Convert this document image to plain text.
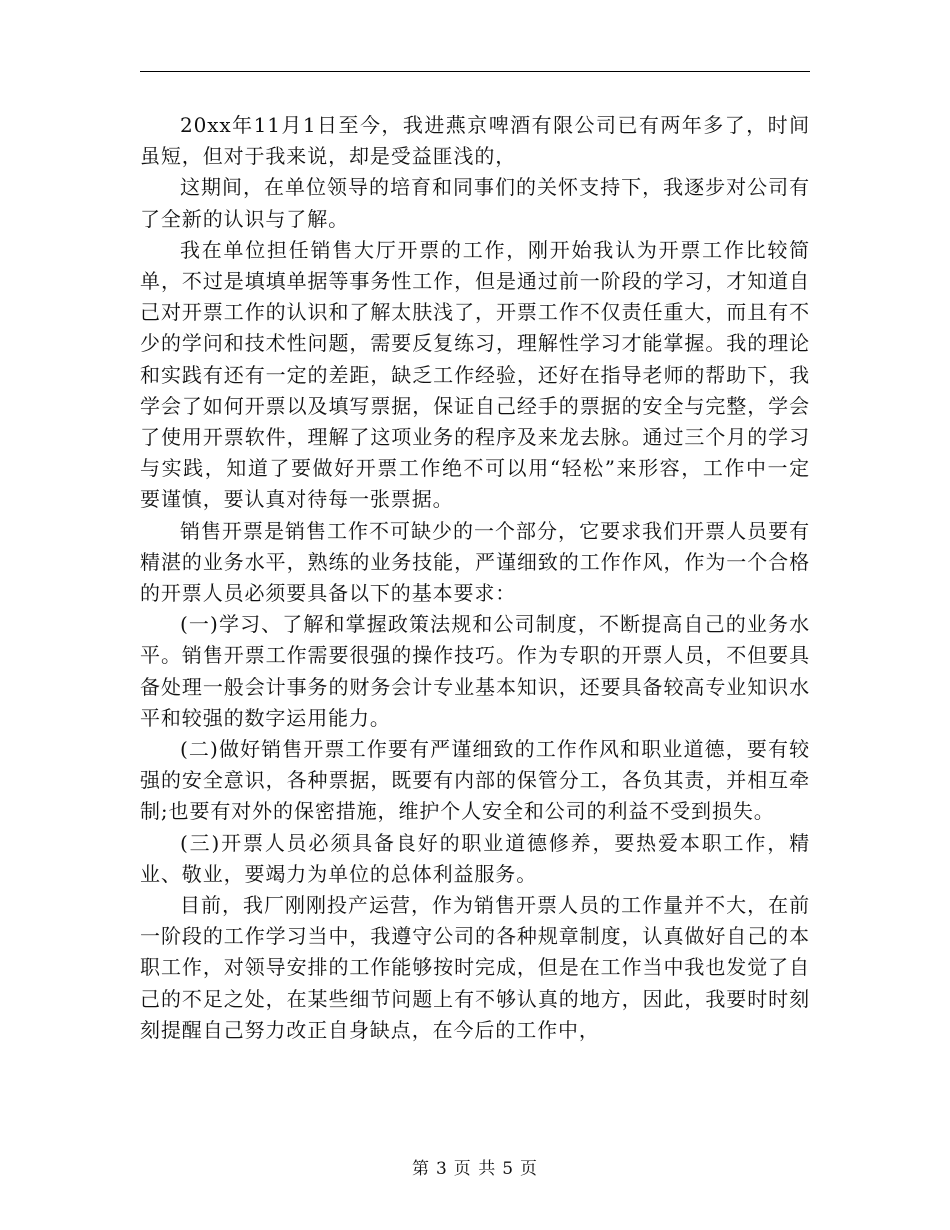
20xx年11月1日至今，我进燕京啤酒有限公司已有两年多了，时间虽短，但对于我来说，却是受益匪浅的，

这期间，在单位领导的培育和同事们的关怀支持下，我逐步对公司有了全新的认识与了解。

我在单位担任销售大厅开票的工作，刚开始我认为开票工作比较简单，不过是填填单据等事务性工作，但是通过前一阶段的学习，才知道自己对开票工作的认识和了解太肤浅了，开票工作不仅责任重大，而且有不少的学问和技术性问题，需要反复练习，理解性学习才能掌握。我的理论和实践有还有一定的差距，缺乏工作经验，还好在指导老师的帮助下，我学会了如何开票以及填写票据，保证自己经手的票据的安全与完整，学会了使用开票软件，理解了这项业务的程序及来龙去脉。通过三个月的学习与实践，知道了要做好开票工作绝不可以用“轻松”来形容，工作中一定要谨慎，要认真对待每一张票据。

销售开票是销售工作不可缺少的一个部分，它要求我们开票人员要有精湛的业务水平，熟练的业务技能，严谨细致的工作作风，作为一个合格的开票人员必须要具备以下的基本要求：

(一)学习、了解和掌握政策法规和公司制度，不断提高自己的业务水平。销售开票工作需要很强的操作技巧。作为专职的开票人员，不但要具备处理一般会计事务的财务会计专业基本知识，还要具备较高专业知识水平和较强的数字运用能力。

(二)做好销售开票工作要有严谨细致的工作作风和职业道德，要有较强的安全意识，各种票据，既要有内部的保管分工，各负其责，并相互牵制;也要有对外的保密措施，维护个人安全和公司的利益不受到损失。

(三)开票人员必须具备良好的职业道德修养，要热爱本职工作，精业、敬业，要竭力为单位的总体利益服务。

目前，我厂刚刚投产运营，作为销售开票人员的工作量并不大，在前一阶段的工作学习当中，我遵守公司的各种规章制度，认真做好自己的本职工作，对领导安排的工作能够按时完成，但是在工作当中我也发觉了自己的不足之处，在某些细节问题上有不够认真的地方，因此，我要时时刻刻提醒自己努力改正自身缺点，在今后的工作中，

第 3 页 共 5 页
